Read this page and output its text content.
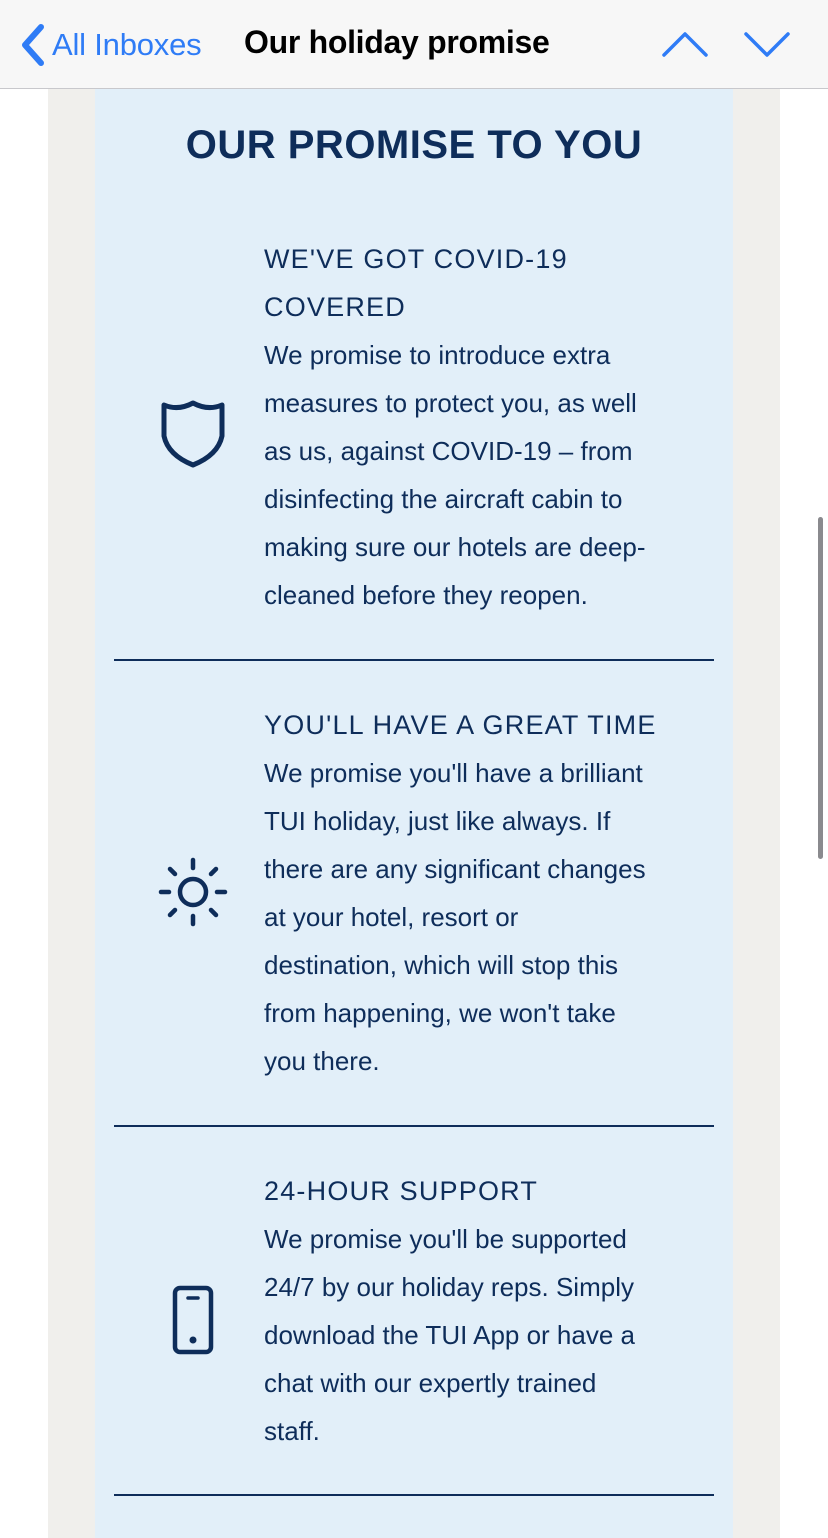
All Inboxes Our holiday promise
OUR PROMISE TO YOU
WE'VE GOT COVID-19
COVERED
We promise to introduce extra
measures to protect you, as well
as us, against COVID-19 – from
disinfecting the aircraft cabin to
making sure our hotels are deep-
cleaned before they reopen.
YOU'LL HAVE A GREAT TIME
We promise you'll have a brilliant
TUI holiday, just like always. If
there are any significant changes
at your hotel, resort or
destination, which will stop this
from happening, we won't take
you there.
24-HOUR SUPPORT
We promise you'll be supported
24/7 by our holiday reps. Simply
download the TUI App or have a
chat with our expertly trained
staff.
